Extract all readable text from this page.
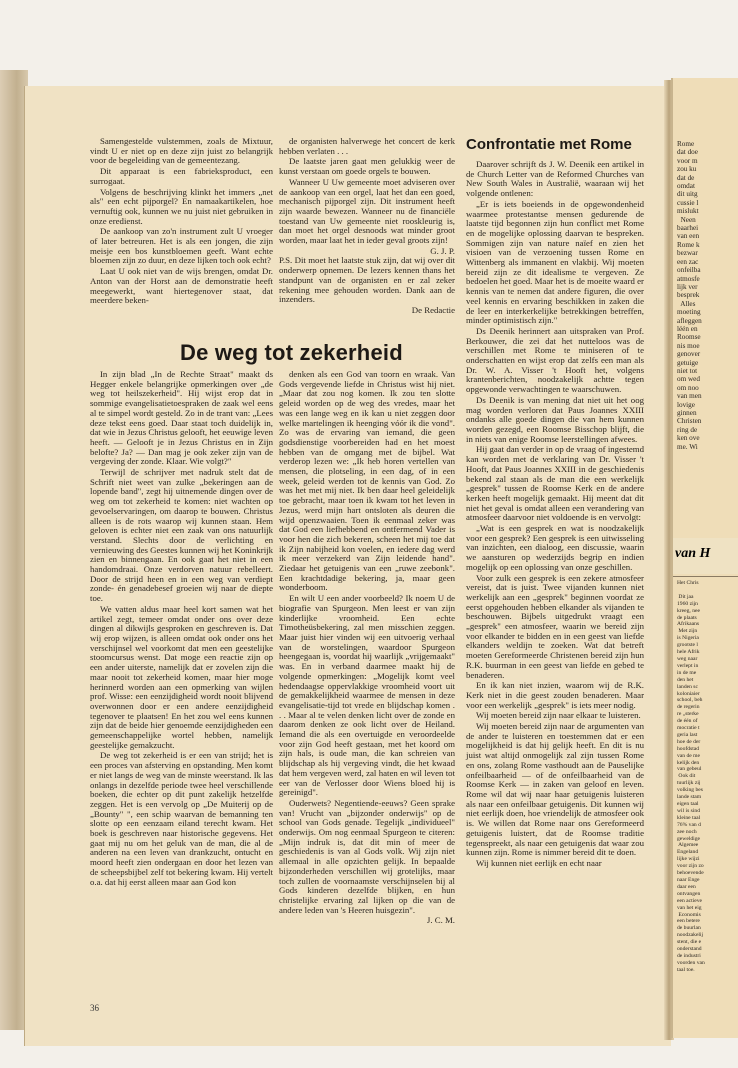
Samengestelde vulstemmen, zoals de Mixtuur, vindt U er niet op en deze zijn juist zo belangrijk voor de begeleiding van de gemeentezang.

Dit apparaat is een fabrieksproduct, een surrogaat.

Volgens de beschrijving klinkt het immers „net als" een echt pijporgel? En namaakartikelen, hoe vernuftig ook, kunnen we nu juist niet gebruiken in onze eredienst.

De aankoop van zo'n instrument zult U vroeger of later betreuren. Het is als een jongen, die zijn meisje een bos kunstbloemen geeft. Want echte bloemen zijn zo duur, en deze lijken toch ook echt?

Laat U ook niet van de wijs brengen, omdat Dr. Anton van der Horst aan de demonstratie heeft meegewerkt, want hiertegenover staat, dat meerdere beken-

de organisten halverwege het concert de kerk hebben verlaten . . .

De laatste jaren gaat men gelukkig weer de kunst verstaan om goede orgels te bouwen.

Wanneer U Uw gemeente moet adviseren over de aankoop van een orgel, laat het dan een goed, mechanisch pijporgel zijn. Dit instrument heeft zijn waarde bewezen. Wanneer nu de financiële toestand van Uw gemeente niet rooskleurig is, dan moet het orgel desnoods wat minder groot worden, maar laat het in ieder geval groots zijn!

G. J. P.

P.S. Dit moet het laatste stuk zijn, dat wij over dit onderwerp opnemen. De lezers kennen thans het standpunt van de organisten en er zal zeker rekening mee gehouden worden. Dank aan de inzenders.

De Redactie
De weg tot zekerheid

In zijn blad „In de Rechte Straat" maakt ds Hegger enkele belangrijke opmerkingen over „de weg tot heilszekerheid". Hij wijst erop dat in sommige evangelisatietoespraken de zaak wel eens al te simpel wordt gesteld. Zo in de trant van: „Lees deze tekst eens goed. Daar staat toch duidelijk in, dat wie in Jezus Christus gelooft, het eeuwige leven heeft. — Gelooft je in Jezus Christus en in Zijn belofte? Ja? — Dan mag je ook zeker zijn van de vergeving der zonde. Klaar. Wie volgt?"

Terwijl de schrijver met nadruk stelt dat de Schrift niet weet van zulke „bekeringen aan de lopende band", zegt hij uitnemende dingen over de weg om tot zekerheid te komen: niet wachten op gevoelservaringen, om daarop te bouwen. Christus alleen is de rots waarop wij kunnen staan. Hem geloven is echter niet een zaak van ons natuurlijk verstand. Slechts door de verlichting en vernieuwing des Geestes kunnen wij het Koninkrijk zien en binnengaan. En ook gaat het niet in een handomdraai. Onze verdorven natuur rebelleert. Door de strijd heen en in een weg van verdiept zonde- én genadebesef groeien wij naar de diepte toe.

We vatten aldus maar heel kort samen wat het artikel zegt, temeer omdat onder ons over deze dingen al dikwijls gesproken en geschreven is. Dat wij erop wijzen, is alleen omdat ook onder ons het verschijnsel wel voorkomt dat men een geestelijke stoomcursus wenst. Dat moge een reactie zijn op een ander uiterste, namelijk dat er zovelen zijn die maar nooit tot zekerheid komen, maar hier moge herinnerd worden aan een opmerking van wijlen prof. Wisse: een eenzijdigheid wordt nooit blijvend overwonnen door er een andere eenzijdigheid tegenover te plaatsen! En het zou wel eens kunnen zijn dat de beide hier genoemde eenzijdigheden een gemeenschappelijke wortel hebben, namelijk geestelijke gemakzucht.

De weg tot zekerheid is er een van strijd; het is een proces van afsterving en opstanding. Men komt er niet langs de weg van de minste weerstand. Ik las onlangs in dezelfde periode twee heel verschillende boeken, die echter op dit punt zakelijk hetzelfde zeggen. Het is een vervolg op „De Muiterij op de „Bounty" ", een schip waarvan de bemanning ten slotte op een eenzaam eiland terecht kwam. Het boek is geschreven naar historische gegevens. Het gaat mij nu om het geluk van de man, die al de anderen na een leven van drankzucht, ontucht en moord heeft zien ondergaan en door het lezen van de scheepsbijbel zelf tot bekering kwam. Hij vertelt o.a. dat hij eerst alleen maar aan God kon

denken als een God van toorn en wraak. Van Gods vergevende liefde in Christus wist hij niet. „Maar dat zou nog komen. Ik zou ten slotte geleid worden op de weg des vredes, maar het was een lange weg en ik kan u niet zeggen door welke martelingen ik heenging vóór ik die vond". Zo was de ervaring van iemand, die geen godsdienstige voorbereiden had en het moest hebben van de omgang met de bijbel. Wat verderop lezen we: „Ik heb horen vertellen van mensen, die plotseling, in een dag, of in een week, geleid werden tot de kennis van God. Zo was het met mij niet. Ik ben daar heel geleidelijk toe gebracht, maar toen ik kwam tot het leven in Jezus, werd mijn hart ontsloten als deuren die wijd openzwaaien. Toen ik eenmaal zeker was dat God een liefhebbend en ontfermend Vader is voor hen die zich bekeren, scheen het mij toe dat ik Zijn nabijheid kon voelen, en iedere dag werd ik meer verzekerd van Zijn leidende hand". Ziedaar het getuigenis van een „ruwe zeebonk". Een krachtdadige bekering, ja, maar geen wonderboom.

En wilt U een ander voorbeeld? Ik noem U de biografie van Spurgeon. Men leest er van zijn kinderlijke vroomheid. Een echte Timotheüsbekering, zal men misschien zeggen. Maar juist hier vinden wij een uitvoerig verhaal van de worstelingen, waardoor Spurgeon heengegaan is, voordat hij waarlijk „vrijgemaakt" was. En in verband daarmee maakt hij de volgende opmerkingen: „Mogelijk komt veel hedendaagse oppervlakkige vroomheid voort uit de gemakkelijkheid waarmee de mensen in deze evangelisatie-tijd tot vrede en blijdschap komen . . . Maar al te velen denken licht over de zonde en daarom denken ze ook licht over de Heiland. Iemand die als een overtuigde en veroordeelde voor zijn God heeft gestaan, met het koord om zijn hals, is oude man, die kan schreien van blijdschap als hij vergeving vindt, die het kwaad dat hem vergeven werd, zal haten en wil leven tot eer van de Verlosser door Wiens bloed hij is gereinigd".

Ouderwets? Negentiende-eeuws? Geen sprake van! Vrucht van „bijzonder onderwijs" op de school van Gods genade. Tegelijk „individueel" onderwijs. Om nog eenmaal Spurgeon te citeren: „Mijn indruk is, dat dit min of meer de geschiedenis is van al Gods volk. Wij zijn niet allemaal in alle opzichten gelijk. In bepaalde bijzonderheden verschillen wij grotelijks, maar toch zullen de voornaamste verschijnselen bij al Gods kinderen dezelfde blijken, en hun christelijke ervaring zal lijken op die van de andere leden van 's Heeren huisgezin".

J. C. M.
Confrontatie met Rome

Daarover schrijft ds J. W. Deenik een artikel in de Church Letter van de Reformed Churches van New South Wales in Australië, waaraan wij het volgende ontlenen:

„Er is iets boeiends in de opgewondenheid waarmee protestantse mensen gedurende de laatste tijd begonnen zijn hun conflict met Rome en de mogelijke oplossing daarvan te bespreken. Sommigen zijn van nature naïef en zien het visioen van de verzoening tussen Rome en Wittenberg als immanent en vlakbij. Wij moeten bereid zijn ze dit idealisme te vergeven. Ze bedoelen het goed. Maar het is de moeite waard er kennis van te nemen dat andere figuren, die over veel kennis en ervaring beschikken in zaken die de leer en interkerkelijke betrekkingen betreffen, minder optimistisch zijn."

Ds Deenik herinnert aan uitspraken van Prof. Berkouwer, die zei dat het nutteloos was de verschillen met Rome te miniseren of te onderschatten en wijst erop dat zelfs een man als Dr. W. A. Visser 't Hooft het, volgens krantenberichten, noodzakelijk achtte tegen opgewonde verwachtingen te waarschuwen.

Ds Deenik is van mening dat niet uit het oog mag worden verloren dat Paus Joannes XXIII ondanks alle goede dingen die van hem kunnen worden gezegd, een Roomse Bisschop blijft, die in niets van enige Roomse leerstellingen afwees.

Hij gaat dan verder in op de vraag of ingestemd kan worden met de verklaring van Dr. Visser 't Hooft, dat Paus Joannes XXIII in de geschiedenis bekend zal staan als de man die een werkelijk „gesprek" tussen de Roomse Kerk en de andere kerken heeft mogelijk gemaakt. Hij meent dat dit niet het geval is omdat alleen een verandering van atmosfeer daarvoor niet voldoende is en vervolgt:

„Wat is een gesprek en wat is noodzakelijk voor een gesprek? Een gesprek is een uitwisseling van inzichten, een dialoog, een discussie, waarin we aansturen op wederzijds begrip en indien mogelijk op een oplossing van onze geschillen.

Voor zulk een gesprek is een zekere atmosfeer vereist, dat is juist. Twee vijanden kunnen niet werkelijk aan een „gesprek" beginnen voordat ze eerst opgehouden hebben elkander als vijanden te beschouwen. Bijbels uitgedrukt vraagt een „gesprek" een atmosfeer, waarin we bereid zijn voor elkander te bidden en in een geest van liefde elkanders weldijn te zoeken. Wat dat betreft moeten Gereformeerde Christenen bereid zijn hun R.K. buurman in een geest van liefde en gebed te benaderen.

En ik kan niet inzien, waarom wij de R.K. Kerk niet in die geest zouden benaderen. Maar voor een werkelijk „gesprek" is iets meer nodig.

Wij moeten bereid zijn naar elkaar te luisteren.

Wij moeten bereid zijn naar de argumenten van de ander te luisteren en toestemmen dat er een mogelijkheid is dat hij gelijk heeft. En dit is nu juist wat altijd onmogelijk zal zijn tussen Rome en ons, zolang Rome vasthoudt aan de Pauselijke onfeilbaarheid — of de onfeilbaarheid van de Roomse Kerk — in zaken van geloof en leven. Rome wil dat wij naar haar getuigenis luisteren als naar een onfeilbaar getuigenis. Dit kunnen wij niet eerlijk doen, hoe vriendelijk de atmosfeer ook is. We willen dat Rome naar ons Gereformeerd getuigenis luistert, dat de Roomse traditie tegenspreekt, als naar een getuigenis dat waar zou kunnen zijn. Rome is nimmer bereid dit te doen.

Wij kunnen niet eerlijk en echt naar

36
Rome
dat doe
voor m
zou ku
dat de
omdat
dit uitg
cussie l
mislukt
Neen
baarhei
van een
Rome k
bezwar
een zac
onfeilba
atmosfe
lijk ver
besprek
Alles
moeting
afleggen
léén en
Roomse
nis moe
genover
getuige
niet tot
om wed
om noo
van men
lovige
ginnen
Christen
ring de
ken ove
me. Wi
van H
Het Chris

Dit jaa
1960 zijn
kreeg, nee
de plaats
Afrikaans
Met zijn
is Nigeria
grootste l
hele Afrik
weg naar
verlept in
in de me
den het
landen sc
koloniaier
school, beh
de regerin
re „sterke
de één of
mocratie t
geria last
hoe de der
hoofdstad
van de me
kelijk den
van gebeul
Ook dit
tuurlijk zij
volking bes
lande stam
eigen taal
wil is sind
kleine taal
76% van d
zee noch
geweldige
Algemee
Engeland
lijke wijzi
voor zijn zo
behoevende
naar Enge
daar een
ontvangen
een actieve
van het eig
Economis
een betere
de buurlan
noodzakelij
stent, die e
onderstand
de industri
voorden van
taal toe.
